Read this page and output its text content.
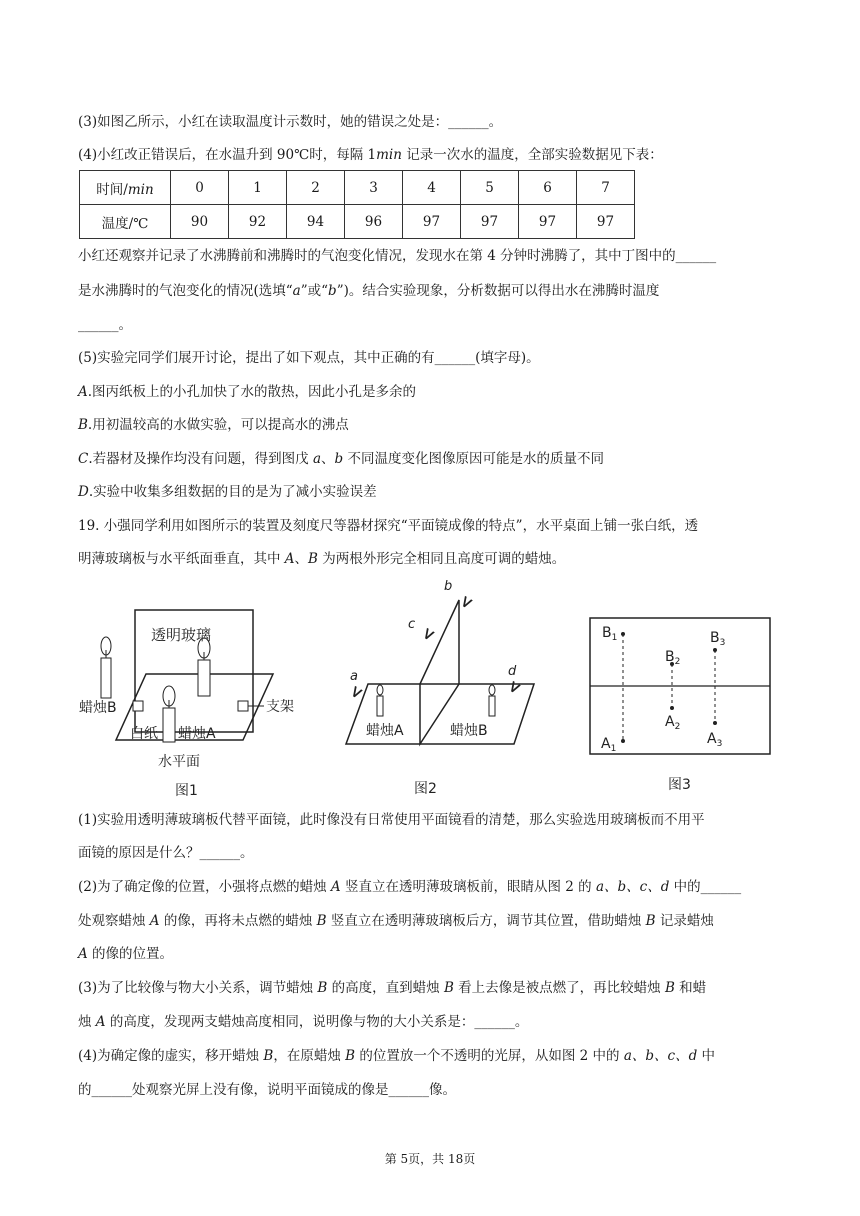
(3)如图乙所示，小红在读取温度计示数时，她的错误之处是：______。
(4)小红改正错误后，在水温升到 90℃时，每隔 1min 记录一次水的温度，全部实验数据见下表：
时间/min	0	1	2	3	4	5	6	7
温度/℃	90	92	94	96	97	97	97	97
小红还观察并记录了水沸腾前和沸腾时的气泡变化情况，发现水在第 4 分钟时沸腾了，其中丁图中的______
是水沸腾时的气泡变化的情况(选填“a”或“b”)。结合实验现象，分析数据可以得出水在沸腾时温度
______。
(5)实验完同学们展开讨论，提出了如下观点，其中正确的有______(填字母)。
A.图丙纸板上的小孔加快了水的散热，因此小孔是多余的
B.用初温较高的水做实验，可以提高水的沸点
C.若器材及操作均没有问题，得到图戊 a、b 不同温度变化图像原因可能是水的质量不同
D.实验中收集多组数据的目的是为了减小实验误差
19. 小强同学利用如图所示的装置及刻度尺等器材探究“平面镜成像的特点”，水平桌面上铺一张白纸，透
明薄玻璃板与水平纸面垂直，其中 A、B 为两根外形完全相同且高度可调的蜡烛。
透明玻璃
蜡烛B
白纸 蜡烛A
支架
水平面
图1
a
b
c
d
<
<
<
<
蜡烛A	蜡烛B
图2
$B_1$
$A_1$
$B_2$
$A_2$
$B_3$
$A_3$
图3
(1)实验用透明薄玻璃板代替平面镜，此时像没有日常使用平面镜看的清楚，那么实验选用玻璃板而不用平
面镜的原因是什么？______。
(2)为了确定像的位置，小强将点燃的蜡烛 A 竖直立在透明薄玻璃板前，眼睛从图 2 的 a、b、c、d 中的______
处观察蜡烛 A 的像，再将未点燃的蜡烛 B 竖直立在透明薄玻璃板后方，调节其位置，借助蜡烛 B 记录蜡烛
A 的像的位置。
(3)为了比较像与物大小关系，调节蜡烛 B 的高度，直到蜡烛 B 看上去像是被点燃了，再比较蜡烛 B 和蜡
烛 A 的高度，发现两支蜡烛高度相同，说明像与物的大小关系是：______。
(4)为确定像的虚实，移开蜡烛 B，在原蜡烛 B 的位置放一个不透明的光屏，从如图 2 中的 a、b、c、d 中
的______处观察光屏上没有像，说明平面镜成的像是______像。
第 5页，共 18页
